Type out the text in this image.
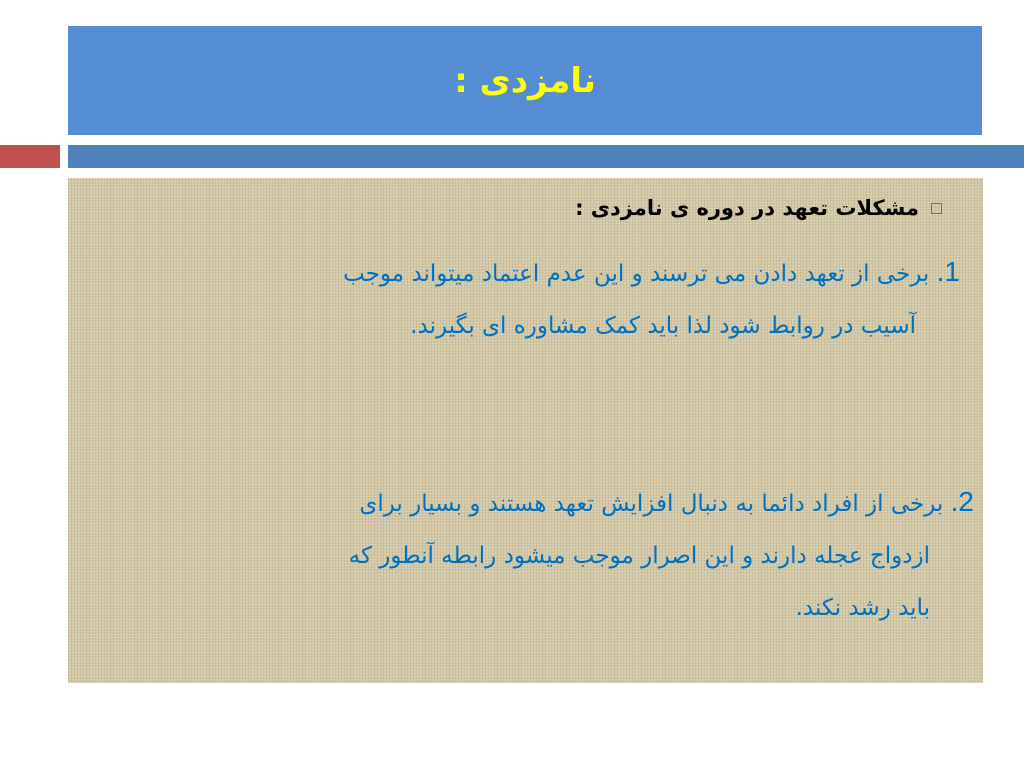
نامزدی :
مشکلات تعهد در دوره ی نامزدی :
1. برخی از تعهد دادن می ترسند و این عدم اعتماد میتواند موجب
آسیب در روابط شود لذا باید کمک مشاوره ای بگیرند.
2. برخی از افراد دائما به دنبال افزایش تعهد هستند و بسیار برای
ازدواج عجله دارند و این اصرار موجب میشود رابطه آنطور که
باید رشد نکند.
